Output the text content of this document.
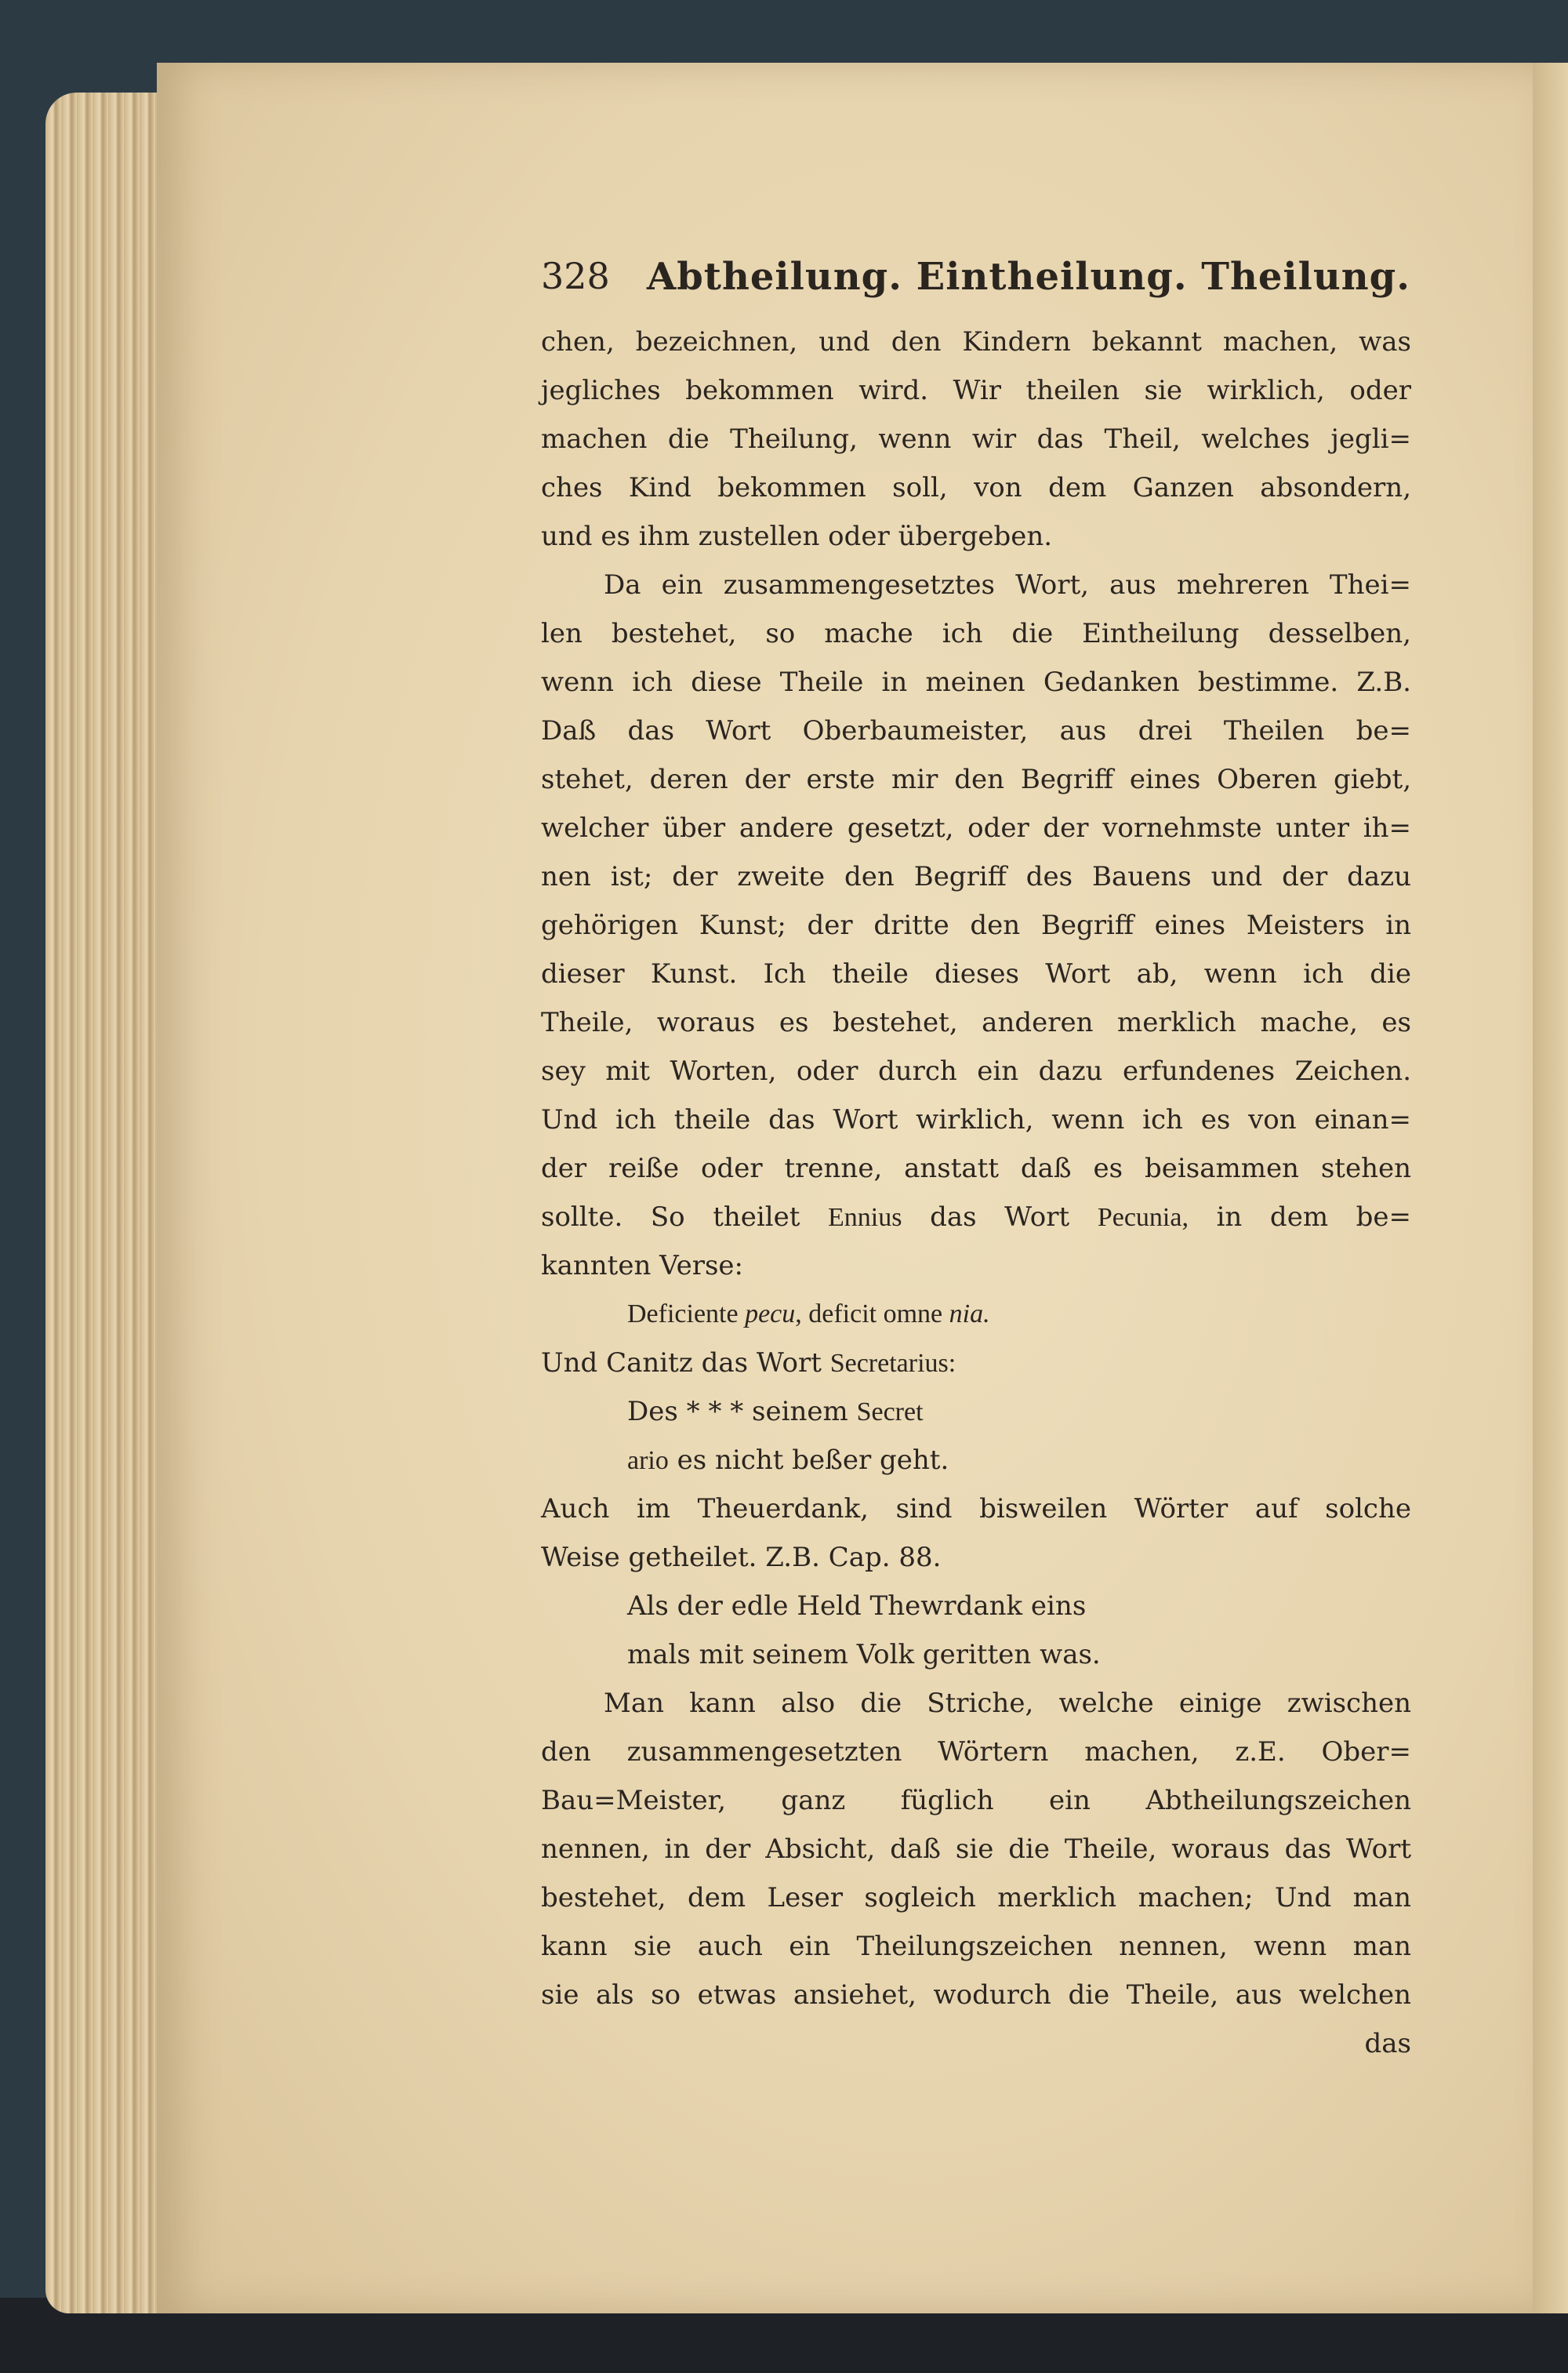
328 Abtheilung. Eintheilung. Theilung.
chen, bezeichnen, und den Kindern bekannt machen, was
jegliches bekommen wird. Wir theilen sie wirklich, oder
machen die Theilung, wenn wir das Theil, welches jegli=
ches Kind bekommen soll, von dem Ganzen absondern,
und es ihm zustellen oder übergeben.
Da ein zusammengesetztes Wort, aus mehreren Thei=
len bestehet, so mache ich die Eintheilung desselben,
wenn ich diese Theile in meinen Gedanken bestimme. Z.B.
Daß das Wort Oberbaumeister, aus drei Theilen be=
stehet, deren der erste mir den Begriff eines Oberen giebt,
welcher über andere gesetzt, oder der vornehmste unter ih=
nen ist; der zweite den Begriff des Bauens und der dazu
gehörigen Kunst; der dritte den Begriff eines Meisters in
dieser Kunst. Ich theile dieses Wort ab, wenn ich die
Theile, woraus es bestehet, anderen merklich mache, es
sey mit Worten, oder durch ein dazu erfundenes Zeichen.
Und ich theile das Wort wirklich, wenn ich es von einan=
der reiße oder trenne, anstatt daß es beisammen stehen
sollte. So theilet Ennius das Wort Pecunia, in dem be=
kannten Verse:
Deficiente pecu, deficit omne nia.
Und Canitz das Wort Secretarius:
Des * * * seinem Secret
ario es nicht beßer geht.
Auch im Theuerdank, sind bisweilen Wörter auf solche
Weise getheilet. Z.B. Cap. 88.
Als der edle Held Thewrdank eins
mals mit seinem Volk geritten was.
Man kann also die Striche, welche einige zwischen
den zusammengesetzten Wörtern machen, z.E. Ober=
Bau=Meister, ganz füglich ein Abtheilungszeichen
nennen, in der Absicht, daß sie die Theile, woraus das Wort
bestehet, dem Leser sogleich merklich machen; Und man
kann sie auch ein Theilungszeichen nennen, wenn man
sie als so etwas ansiehet, wodurch die Theile, aus welchen
das
